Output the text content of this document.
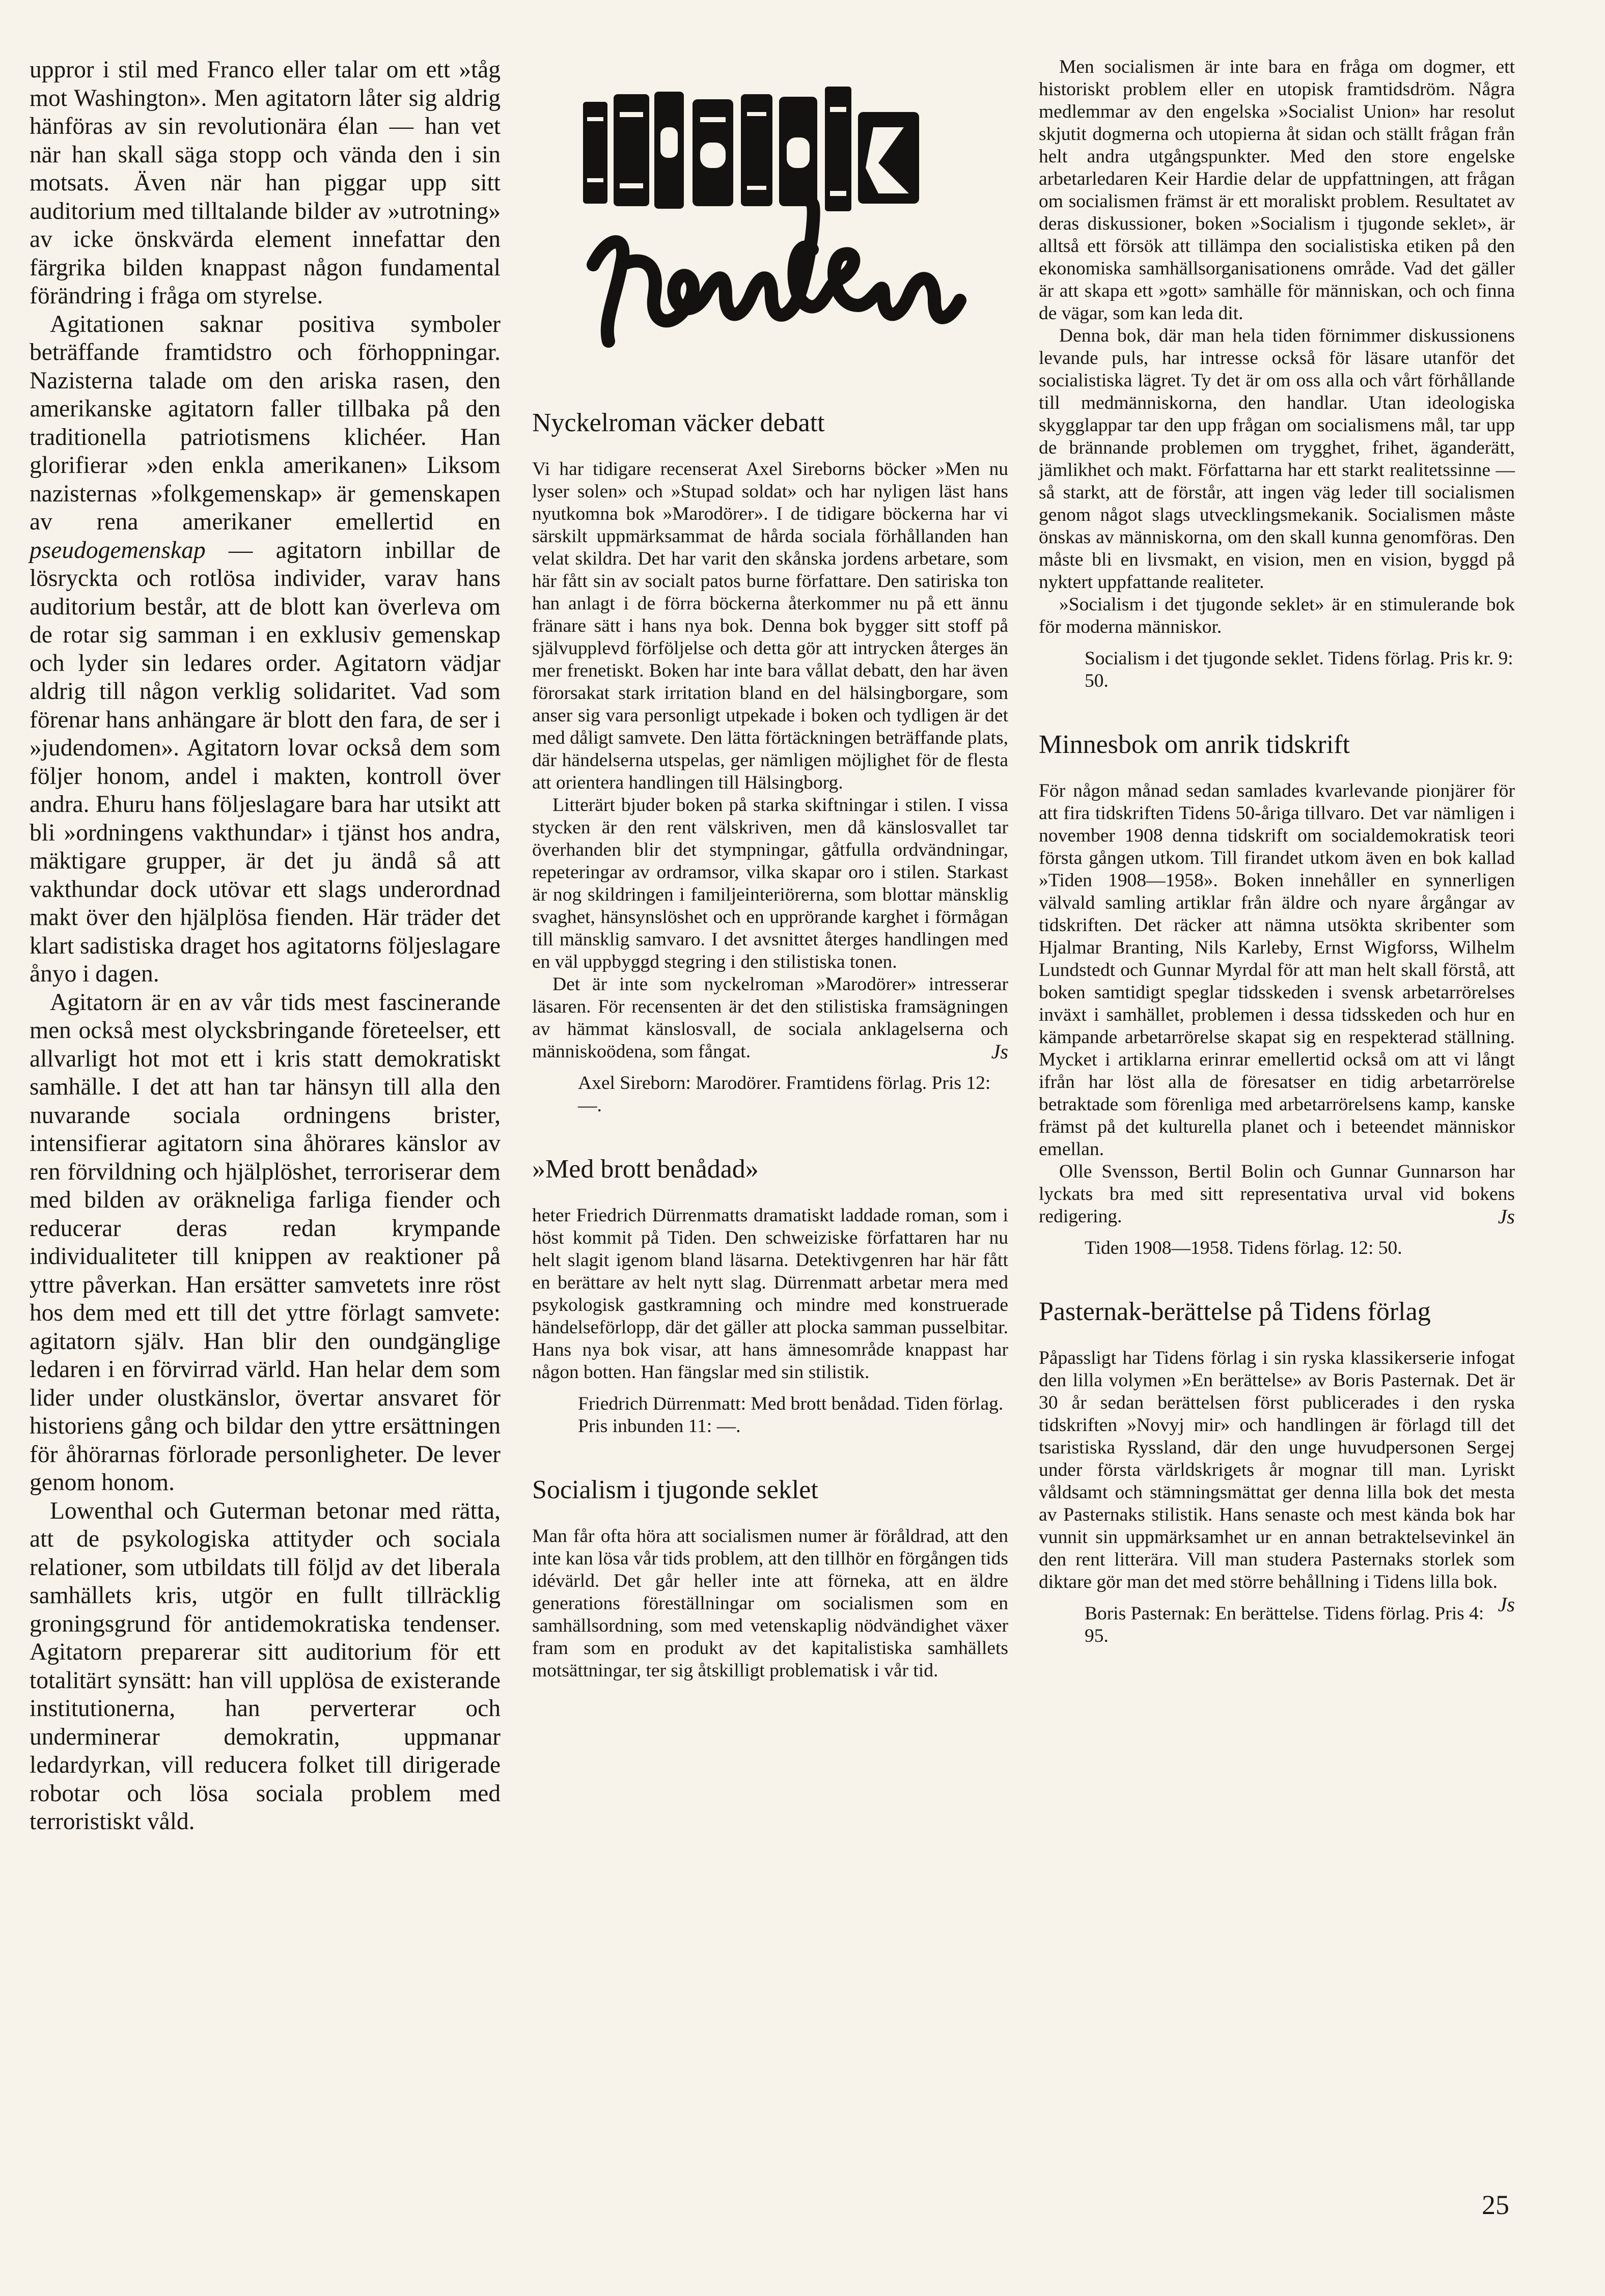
uppror i stil med Franco eller talar om ett »tåg mot Washington». Men agitatorn låter sig aldrig hänföras av sin revolutionära élan — han vet när han skall säga stopp och vända den i sin motsats. Även när han piggar upp sitt auditorium med tilltalande bilder av »utrotning» av icke önskvärda element innefattar den färgrika bilden knappast någon fundamental förändring i fråga om styrelse.

Agitationen saknar positiva symboler beträffande framtidstro och förhoppningar. Nazisterna talade om den ariska rasen, den amerikanske agitatorn faller tillbaka på den traditionella patriotismens klichéer. Han glorifierar »den enkla amerikanen» Liksom nazisternas »folkgemenskap» är gemenskapen av rena amerikaner emellertid en pseudogemenskap — agitatorn inbillar de lösryckta och rotlösa individer, varav hans auditorium består, att de blott kan överleva om de rotar sig samman i en exklusiv gemenskap och lyder sin ledares order. Agitatorn vädjar aldrig till någon verklig solidaritet. Vad som förenar hans anhängare är blott den fara, de ser i »judendomen». Agitatorn lovar också dem som följer honom, andel i makten, kontroll över andra. Ehuru hans följeslagare bara har utsikt att bli »ordningens vakthundar» i tjänst hos andra, mäktigare grupper, är det ju ändå så att vakthundar dock utövar ett slags underordnad makt över den hjälplösa fienden. Här träder det klart sadistiska draget hos agitatorns följeslagare ånyo i dagen.

Agitatorn är en av vår tids mest fascinerande men också mest olycksbringande företeelser, ett allvarligt hot mot ett i kris statt demokratiskt samhälle. I det att han tar hänsyn till alla den nuvarande sociala ordningens brister, intensifierar agitatorn sina åhörares känslor av ren förvildning och hjälplöshet, terroriserar dem med bilden av oräkneliga farliga fiender och reducerar deras redan krympande individualiteter till knippen av reaktioner på yttre påverkan. Han ersätter samvetets inre röst hos dem med ett till det yttre förlagt samvete: agitatorn själv. Han blir den oundgänglige ledaren i en förvirrad värld. Han helar dem som lider under olustkänslor, övertar ansvaret för historiens gång och bildar den yttre ersättningen för åhörarnas förlorade personligheter. De lever genom honom.

Lowenthal och Guterman betonar med rätta, att de psykologiska attityder och sociala relationer, som utbildats till följd av det liberala samhällets kris, utgör en fullt tillräcklig groningsgrund för antidemokratiska tendenser. Agitatorn preparerar sitt auditorium för ett totalitärt synsätt: han vill upplösa de existerande institutionerna, han perverterar och underminerar demokratin, uppmanar ledardyrkan, vill reducera folket till dirigerade robotar och lösa sociala problem med terroristiskt våld.

Nyckelroman väcker debatt

Vi har tidigare recenserat Axel Sireborns böcker »Men nu lyser solen» och »Stupad soldat» och har nyligen läst hans nyutkomna bok »Marodörer». I de tidigare böckerna har vi särskilt uppmärksammat de hårda sociala förhållanden han velat skildra. Det har varit den skånska jordens arbetare, som här fått sin av socialt patos burne författare. Den satiriska ton han anlagt i de förra böckerna återkommer nu på ett ännu fränare sätt i hans nya bok. Denna bok bygger sitt stoff på självupplevd förföljelse och detta gör att intrycken återges än mer frenetiskt. Boken har inte bara vållat debatt, den har även förorsakat stark irritation bland en del hälsingborgare, som anser sig vara personligt utpekade i boken och tydligen är det med dåligt samvete. Den lätta förtäckningen beträffande plats, där händelserna utspelas, ger nämligen möjlighet för de flesta att orientera handlingen till Hälsingborg.

Litterärt bjuder boken på starka skiftningar i stilen. I vissa stycken är den rent välskriven, men då känslosvallet tar överhanden blir det stympningar, gåtfulla ordvändningar, repeteringar av ordramsor, vilka skapar oro i stilen. Starkast är nog skildringen i familjeinteriörerna, som blottar mänsklig svaghet, hänsynslöshet och en upprörande karghet i förmågan till mänsklig samvaro. I det avsnittet återges handlingen med en väl uppbyggd stegring i den stilistiska tonen.

Det är inte som nyckelroman »Marodörer» intresserar läsaren. För recensenten är det den stilistiska framsägningen av hämmat känslosvall, de sociala anklagelserna och människoödena, som fångat.	Js

Axel Sireborn: Marodörer. Framtidens förlag. Pris 12: —.

»Med brott benådad»

heter Friedrich Dürrenmatts dramatiskt laddade roman, som i höst kommit på Tiden. Den schweiziske författaren har nu helt slagit igenom bland läsarna. Detektivgenren har här fått en berättare av helt nytt slag. Dürrenmatt arbetar mera med psykologisk gastkramning och mindre med konstruerade händelseförlopp, där det gäller att plocka samman pusselbitar. Hans nya bok visar, att hans ämnesområde knappast har någon botten. Han fängslar med sin stilistik.

Friedrich Dürrenmatt: Med brott benådad. Tiden förlag. Pris inbunden 11: —.

Socialism i tjugonde seklet

Man får ofta höra att socialismen numer är föråldrad, att den inte kan lösa vår tids problem, att den tillhör en förgången tids idévärld. Det går heller inte att förneka, att en äldre generations föreställningar om socialismen som en samhällsordning, som med vetenskaplig nödvändighet växer fram som en produkt av det kapitalistiska samhällets motsättningar, ter sig åtskilligt problematisk i vår tid.

Men socialismen är inte bara en fråga om dogmer, ett historiskt problem eller en utopisk framtidsdröm. Några medlemmar av den engelska »Socialist Union» har resolut skjutit dogmerna och utopierna åt sidan och ställt frågan från helt andra utgångspunkter. Med den store engelske arbetarledaren Keir Hardie delar de uppfattningen, att frågan om socialismen främst är ett moraliskt problem. Resultatet av deras diskussioner, boken »Socialism i tjugonde seklet», är alltså ett försök att tillämpa den socialistiska etiken på den ekonomiska samhällsorganisationens område. Vad det gäller är att skapa ett »gott» samhälle för människan, och och finna de vägar, som kan leda dit.

Denna bok, där man hela tiden förnimmer diskussionens levande puls, har intresse också för läsare utanför det socialistiska lägret. Ty det är om oss alla och vårt förhållande till medmänniskorna, den handlar. Utan ideologiska skygglappar tar den upp frågan om socialismens mål, tar upp de brännande problemen om trygghet, frihet, äganderätt, jämlikhet och makt. Författarna har ett starkt realitetssinne — så starkt, att de förstår, att ingen väg leder till socialismen genom något slags utvecklingsmekanik. Socialismen måste önskas av människorna, om den skall kunna genomföras. Den måste bli en livsmakt, en vision, men en vision, byggd på nyktert uppfattande realiteter.

»Socialism i det tjugonde seklet» är en stimulerande bok för moderna människor.

Socialism i det tjugonde seklet. Tidens förlag. Pris kr. 9: 50.

Minnesbok om anrik tidskrift

För någon månad sedan samlades kvarlevande pionjärer för att fira tidskriften Tidens 50-åriga tillvaro. Det var nämligen i november 1908 denna tidskrift om socialdemokratisk teori första gången utkom. Till firandet utkom även en bok kallad »Tiden 1908—1958». Boken innehåller en synnerligen välvald samling artiklar från äldre och nyare årgångar av tidskriften. Det räcker att nämna utsökta skribenter som Hjalmar Branting, Nils Karleby, Ernst Wigforss, Wilhelm Lundstedt och Gunnar Myrdal för att man helt skall förstå, att boken samtidigt speglar tidsskeden i svensk arbetarrörelses inväxt i samhället, problemen i dessa tidsskeden och hur en kämpande arbetarrörelse skapat sig en respekterad ställning. Mycket i artiklarna erinrar emellertid också om att vi långt ifrån har löst alla de föresatser en tidig arbetarrörelse betraktade som förenliga med arbetarrörelsens kamp, kanske främst på det kulturella planet och i beteendet människor emellan.

Olle Svensson, Bertil Bolin och Gunnar Gunnarson har lyckats bra med sitt representativa urval vid bokens redigering.	Js

Tiden 1908—1958. Tidens förlag. 12: 50.

Pasternak-berättelse på Tidens förlag

Påpassligt har Tidens förlag i sin ryska klassikerserie infogat den lilla volymen »En berättelse» av Boris Pasternak. Det är 30 år sedan berättelsen först publicerades i den ryska tidskriften »Novyj mir» och handlingen är förlagd till det tsaristiska Ryssland, där den unge huvudpersonen Sergej under första världskrigets år mognar till man. Lyriskt våldsamt och stämningsmättat ger denna lilla bok det mesta av Pasternaks stilistik. Hans senaste och mest kända bok har vunnit sin uppmärksamhet ur en annan betraktelsevinkel än den rent litterära. Vill man studera Pasternaks storlek som diktare gör man det med större behållning i Tidens lilla bok.
Js

Boris Pasternak: En berättelse. Tidens förlag. Pris 4: 95.

25
